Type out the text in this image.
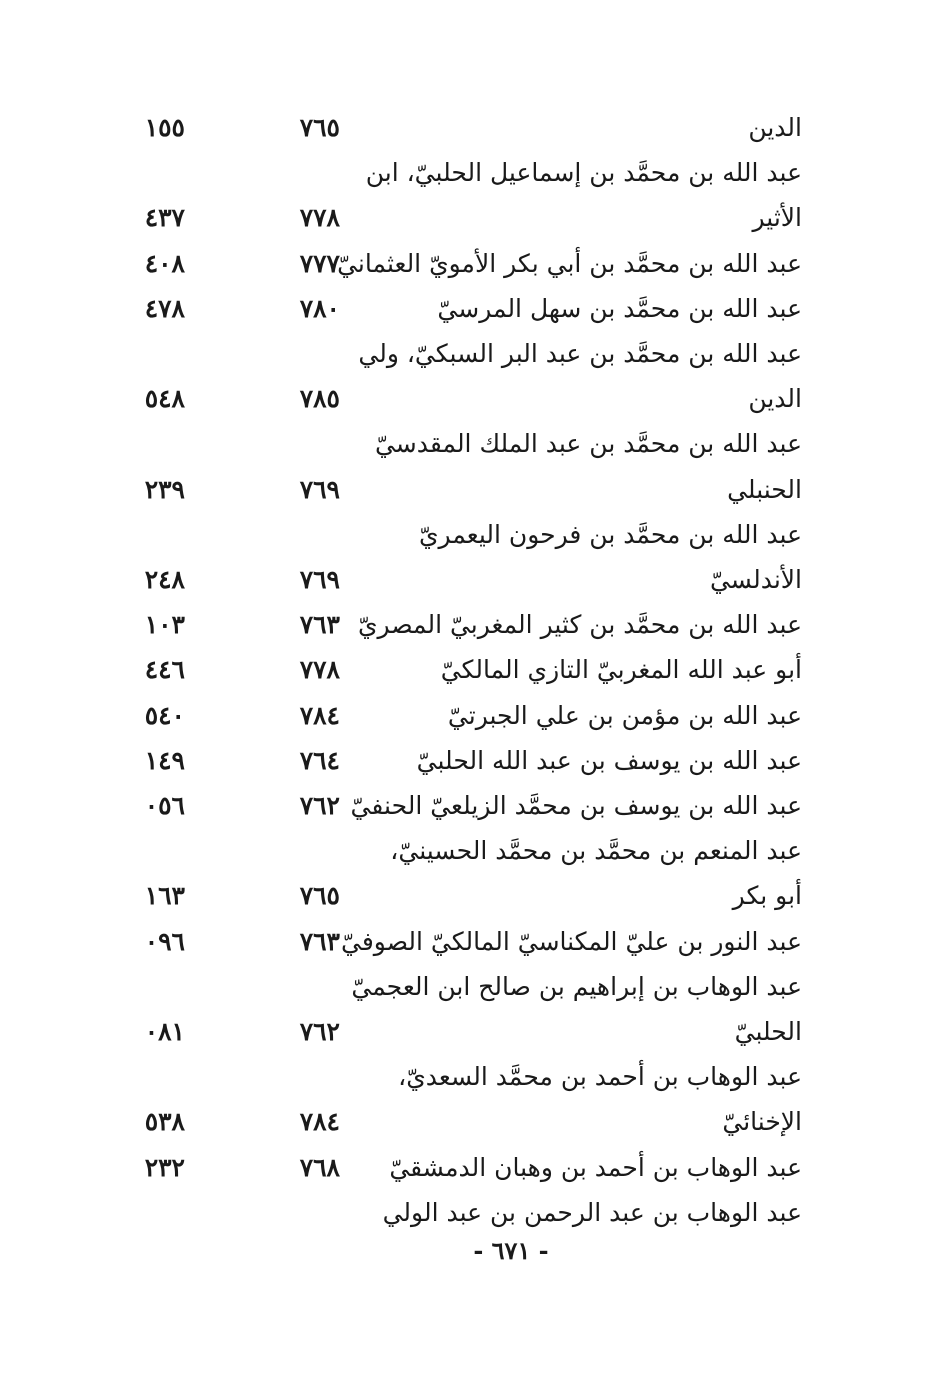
الدين
٧٦٥
١٥٥
عبد الله بن محمَّد بن إسماعيل الحلبيّ، ابن
الأثير
٧٧٨
٤٣٧
عبد الله بن محمَّد بن أبي بكر الأمويّ العثمانيّ
٧٧٧
٤٠٨
عبد الله بن محمَّد بن سهل المرسيّ
٧٨٠
٤٧٨
عبد الله بن محمَّد بن عبد البر السبكيّ، ولي
الدين
٧٨٥
٥٤٨
عبد الله بن محمَّد بن عبد الملك المقدسيّ
الحنبلي
٧٦٩
٢٣٩
عبد الله بن محمَّد بن فرحون اليعمريّ
الأندلسيّ
٧٦٩
٢٤٨
عبد الله بن محمَّد بن كثير المغربيّ المصريّ
٧٦٣
١٠٣
أبو عبد الله المغربيّ التازي المالكيّ
٧٧٨
٤٤٦
عبد الله بن مؤمن بن علي الجبرتيّ
٧٨٤
٥٤٠
عبد الله بن يوسف بن عبد الله الحلبيّ
٧٦٤
١٤٩
عبد الله بن يوسف بن محمَّد الزيلعيّ الحنفيّ
٧٦٢
٠٥٦
عبد المنعم بن محمَّد بن محمَّد الحسينيّ،
أبو بكر
٧٦٥
١٦٣
عبد النور بن عليّ المكناسيّ المالكيّ الصوفيّ
٧٦٣
٠٩٦
عبد الوهاب بن إبراهيم بن صالح ابن العجميّ
الحلبيّ
٧٦٢
٠٨١
عبد الوهاب بن أحمد بن محمَّد السعديّ،
الإخنائيّ
٧٨٤
٥٣٨
عبد الوهاب بن أحمد بن وهبان الدمشقيّ
٧٦٨
٢٣٢
عبد الوهاب بن عبد الرحمن بن عبد الولي
- ٦٧١ -
